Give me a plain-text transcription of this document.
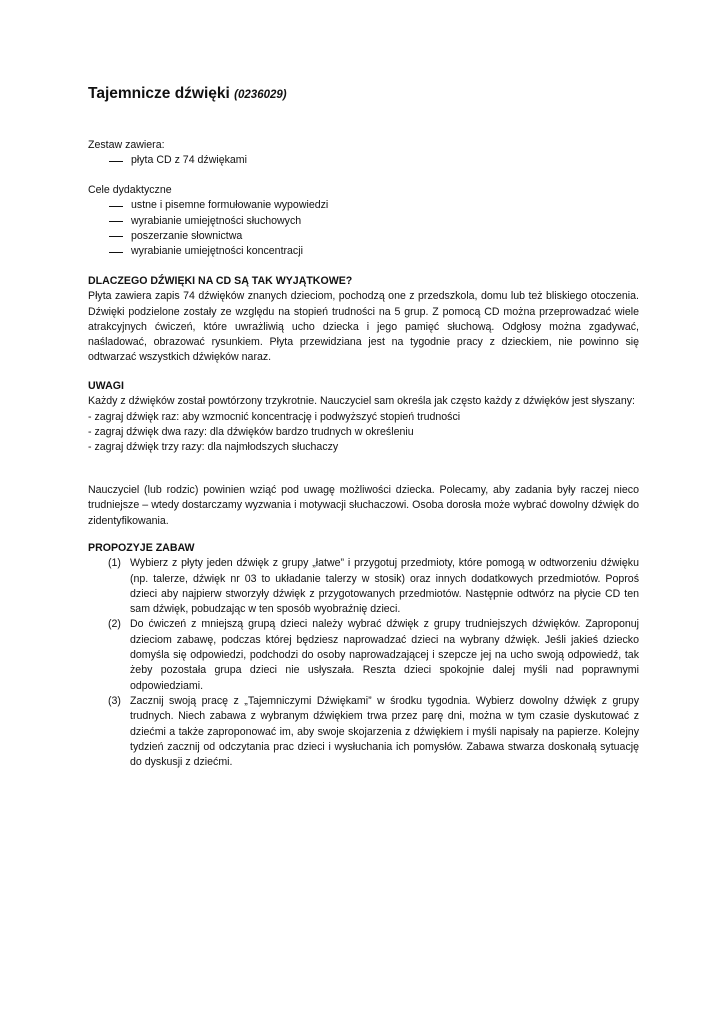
Tajemnicze dźwięki (0236029)
Zestaw zawiera:
płyta CD z 74 dźwiękami
Cele dydaktyczne
ustne i pisemne formułowanie wypowiedzi
wyrabianie umiejętności słuchowych
poszerzanie słownictwa
wyrabianie umiejętności koncentracji
DLACZEGO DŹWIĘKI NA CD SĄ TAK WYJĄTKOWE?
Płyta zawiera zapis 74 dźwięków znanych dzieciom, pochodzą one z przedszkola, domu lub też bliskiego otoczenia. Dźwięki podzielone zostały ze względu na stopień trudności na 5 grup. Z pomocą CD można przeprowadzać wiele atrakcyjnych ćwiczeń, które uwrażliwią ucho dziecka i jego pamięć słuchową. Odgłosy można zgadywać, naśladować, obrazować rysunkiem. Płyta przewidziana jest na tygodnie pracy z dzieckiem, nie powinno się odtwarzać wszystkich dźwięków naraz.
UWAGI
Każdy z dźwięków został powtórzony trzykrotnie. Nauczyciel sam określa jak często każdy z dźwięków jest słyszany:
- zagraj dźwięk raz: aby wzmocnić koncentrację i podwyższyć stopień trudności
- zagraj dźwięk dwa razy: dla dźwięków bardzo trudnych w określeniu
- zagraj dźwięk trzy razy: dla najmłodszych słuchaczy
Nauczyciel (lub rodzic) powinien wziąć pod uwagę możliwości dziecka. Polecamy, aby zadania były raczej nieco trudniejsze – wtedy dostarczamy wyzwania i motywacji słuchaczowi. Osoba dorosła może wybrać dowolny dźwięk do zidentyfikowania.
PROPOZYJE ZABAW
(1) Wybierz z płyty jeden dźwięk z grupy „łatwe” i przygotuj przedmioty, które pomogą w odtworzeniu dźwięku (np. talerze, dźwięk nr 03 to układanie talerzy w stosik) oraz innych dodatkowych przedmiotów. Poproś dzieci aby najpierw stworzyły dźwięk z przygotowanych przedmiotów. Następnie odtwórz na płycie CD ten sam dźwięk, pobudzając w ten sposób wyobraźnię dzieci.
(2) Do ćwiczeń z mniejszą grupą dzieci należy wybrać dźwięk z grupy trudniejszych dźwięków. Zaproponuj dzieciom zabawę, podczas której będziesz naprowadzać dzieci na wybrany dźwięk. Jeśli jakieś dziecko domyśla się odpowiedzi, podchodzi do osoby naprowadzającej i szepcze jej na ucho swoją odpowiedź, tak żeby pozostała grupa dzieci nie usłyszała. Reszta dzieci spokojnie dalej myśli nad poprawnymi odpowiedziami.
(3) Zacznij swoją pracę z „Tajemniczymi Dźwiękami” w środku tygodnia. Wybierz dowolny dźwięk z grupy trudnych. Niech zabawa z wybranym dźwiękiem trwa przez parę dni, można w tym czasie dyskutować z dziećmi a także zaproponować im, aby swoje skojarzenia z dźwiękiem i myśli napisały na papierze. Kolejny tydzień zacznij od odczytania prac dzieci i wysłuchania ich pomysłów. Zabawa stwarza doskonałą sytuację do dyskusji z dziećmi.
